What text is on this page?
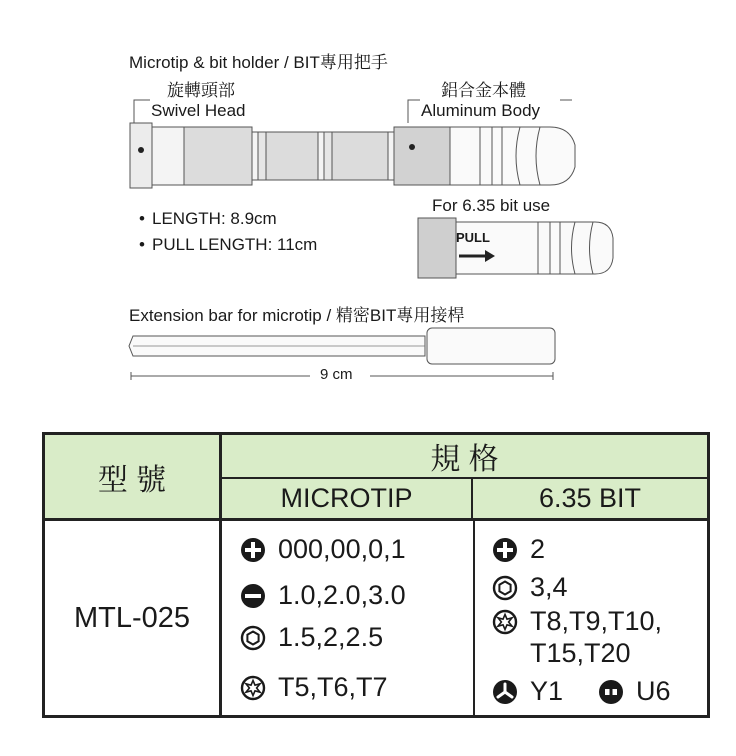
Microtip & bit holder / BIT專用把手
旋轉頭部
Swivel Head
鋁合金本體
Aluminum Body
• LENGTH: 8.9cm
• PULL LENGTH: 11cm
For 6.35 bit use
PULL
Extension bar for microtip / 精密BIT專用接桿
9 cm
型 號
規 格
MICROTIP	6.35 BIT
MTL-025
000,00,0,1
1.0,2.0,3.0
1.5,2,2.5
T5,T6,T7
2
3,4
T8,T9,T10,
T15,T20
Y1	U6
